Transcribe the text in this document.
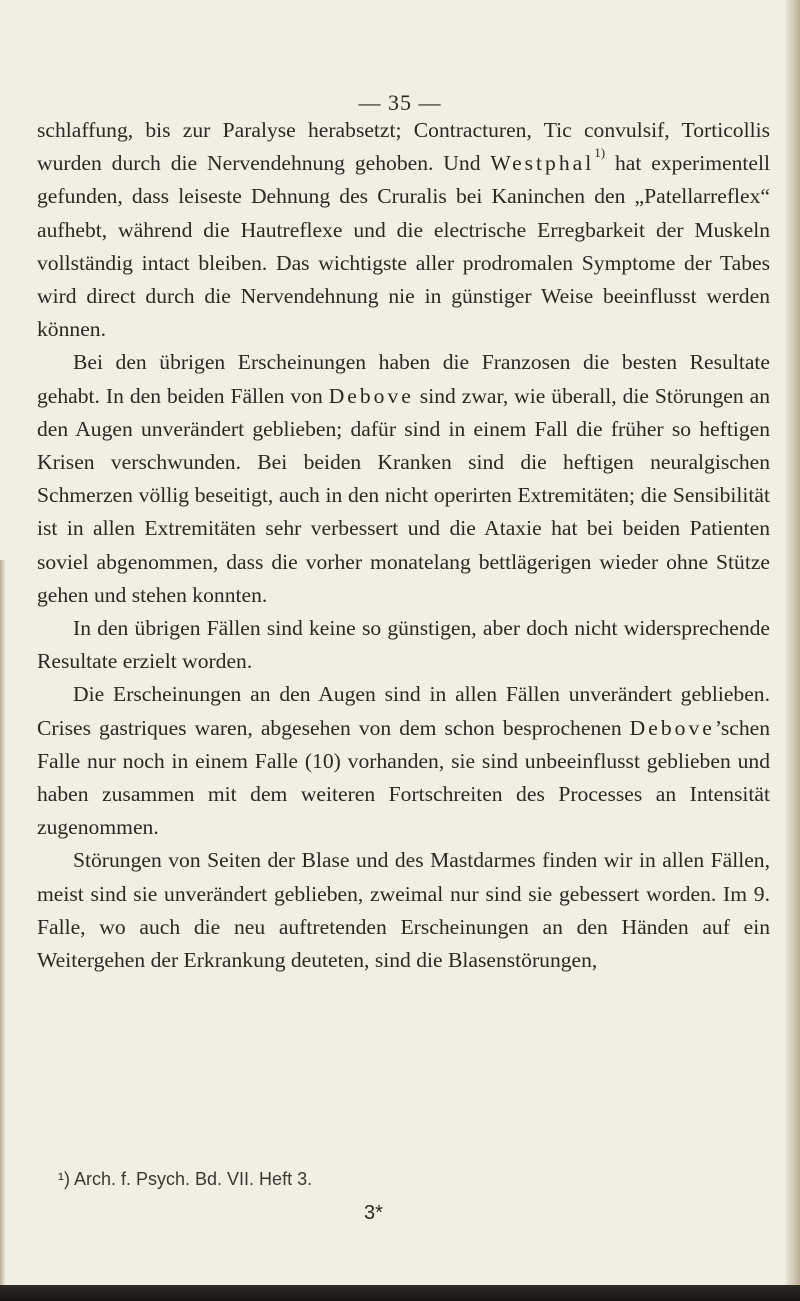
— 35 —

schlaffung, bis zur Paralyse herabsetzt; Contracturen, Tic convulsif, Torticollis wurden durch die Nervendehnung gehoben. Und Westphal$^{1)}$ hat experimentell gefunden, dass leiseste Dehnung des Cruralis bei Kaninchen den „Patellarreflex“ aufhebt, während die Hautreflexe und die electrische Erregbarkeit der Muskeln vollständig intact bleiben. Das wichtigste aller prodromalen Symptome der Tabes wird direct durch die Nervendehnung nie in günstiger Weise beeinflusst werden können.

Bei den übrigen Erscheinungen haben die Franzosen die besten Resultate gehabt. In den beiden Fällen von Debove sind zwar, wie überall, die Störungen an den Augen unverändert geblieben; dafür sind in einem Fall die früher so heftigen Krisen verschwunden. Bei beiden Kranken sind die heftigen neuralgischen Schmerzen völlig beseitigt, auch in den nicht operirten Extremitäten; die Sensibilität ist in allen Extremitäten sehr verbessert und die Ataxie hat bei beiden Patienten soviel abgenommen, dass die vorher monatelang bettlägerigen wieder ohne Stütze gehen und stehen konnten.

In den übrigen Fällen sind keine so günstigen, aber doch nicht widersprechende Resultate erzielt worden.

Die Erscheinungen an den Augen sind in allen Fällen unverändert geblieben. Crises gastriques waren, abgesehen von dem schon besprochenen Debove’schen Falle nur noch in einem Falle (10) vorhanden, sie sind unbeeinflusst geblieben und haben zusammen mit dem weiteren Fortschreiten des Processes an Intensität zugenommen.

Störungen von Seiten der Blase und des Mastdarmes finden wir in allen Fällen, meist sind sie unverändert geblieben, zweimal nur sind sie gebessert worden. Im 9. Falle, wo auch die neu auftretenden Erscheinungen an den Händen auf ein Weitergehen der Erkrankung deuteten, sind die Blasenstörungen,

¹) Arch. f. Psych. Bd. VII. Heft 3.
3*
